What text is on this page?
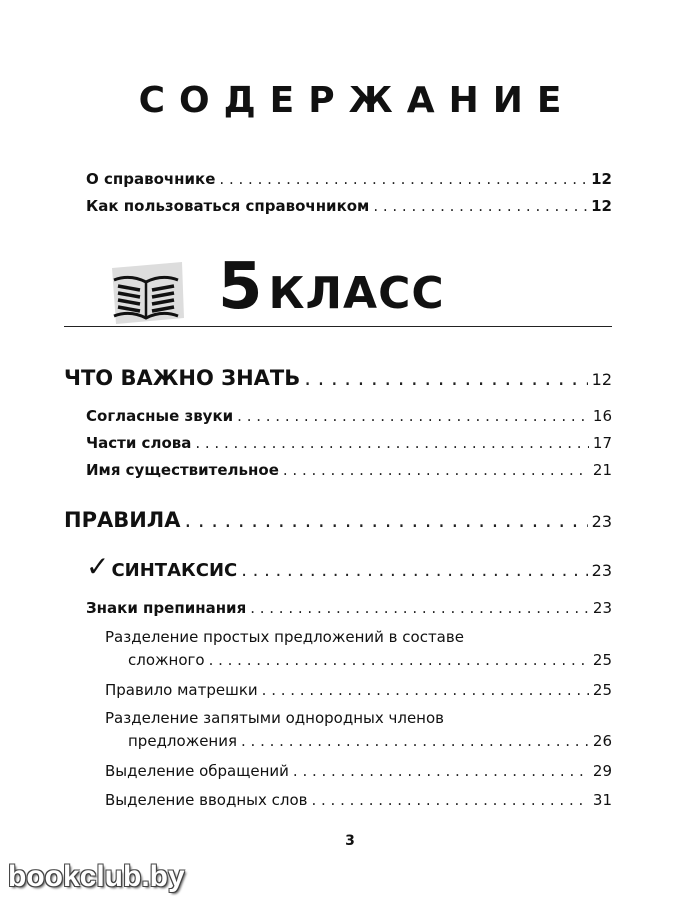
СОДЕРЖАНИЕ
О справочнике . . .	12
Как пользоваться справочником . . .	12
5 КЛАСС
ЧТО ВАЖНО ЗНАТЬ . . .	12
Согласные звуки . . .	16
Части слова . . .	17
Имя существительное . . .	21
ПРАВИЛА . . .	23
✓ СИНТАКСИС . . .	23
Знаки препинания . . .	23
Разделение простых предложений в составе
сложного . . .	25
Правило матрешки . . .	25
Разделение запятыми однородных членов
предложения . . .	26
Выделение обращений . . .	29
Выделение вводных слов . . .	31
3
bookclub.by
